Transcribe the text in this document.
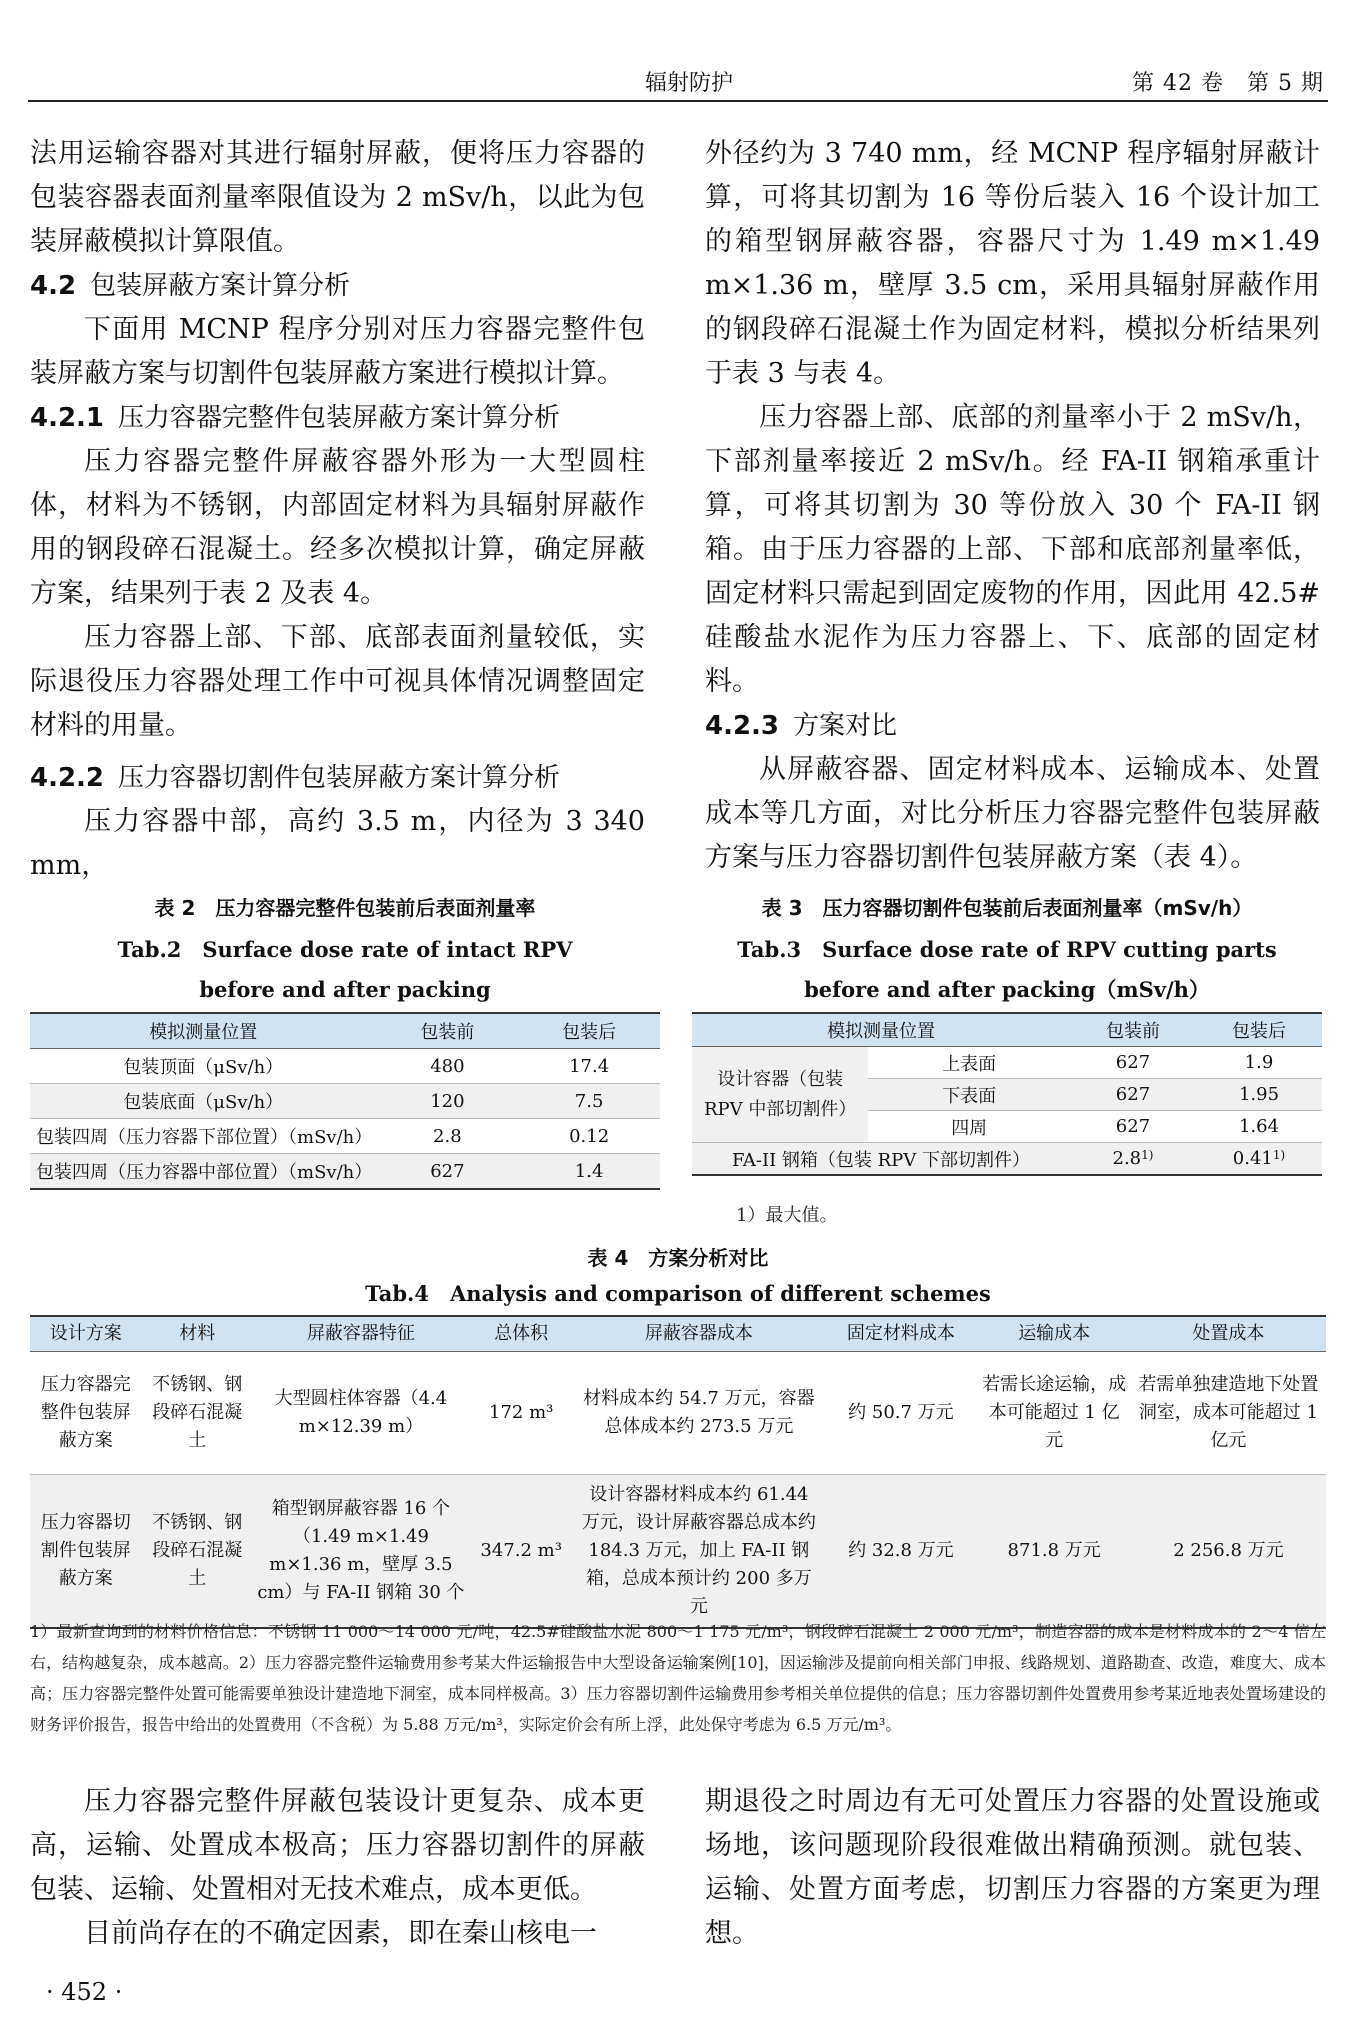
辐射防护	第 42 卷　第 5 期

法用运输容器对其进行辐射屏蔽，便将压力容器的包装容器表面剂量率限值设为 2 mSv/h，以此为包装屏蔽模拟计算限值。

4.2 包装屏蔽方案计算分析

下面用 MCNP 程序分别对压力容器完整件包装屏蔽方案与切割件包装屏蔽方案进行模拟计算。

4.2.1 压力容器完整件包装屏蔽方案计算分析

压力容器完整件屏蔽容器外形为一大型圆柱体，材料为不锈钢，内部固定材料为具辐射屏蔽作用的钢段碎石混凝土。经多次模拟计算，确定屏蔽方案，结果列于表 2 及表 4。

压力容器上部、下部、底部表面剂量较低，实际退役压力容器处理工作中可视具体情况调整固定材料的用量。

4.2.2 压力容器切割件包装屏蔽方案计算分析

压力容器中部，高约 3.5 m，内径为 3 340 mm，

外径约为 3 740 mm，经 MCNP 程序辐射屏蔽计算，可将其切割为 16 等份后装入 16 个设计加工的箱型钢屏蔽容器，容器尺寸为 1.49 m×1.49 m×1.36 m，壁厚 3.5 cm，采用具辐射屏蔽作用的钢段碎石混凝土作为固定材料，模拟分析结果列于表 3 与表 4。

压力容器上部、底部的剂量率小于 2 mSv/h，下部剂量率接近 2 mSv/h。经 FA-II 钢箱承重计算，可将其切割为 30 等份放入 30 个 FA-II 钢箱。由于压力容器的上部、下部和底部剂量率低，固定材料只需起到固定废物的作用，因此用 42.5#硅酸盐水泥作为压力容器上、下、底部的固定材料。

4.2.3 方案对比

从屏蔽容器、固定材料成本、运输成本、处置成本等几方面，对比分析压力容器完整件包装屏蔽方案与压力容器切割件包装屏蔽方案（表 4）。

表 2　压力容器完整件包装前后表面剂量率
Tab.2　Surface dose rate of intact RPV
before and after packing
模拟测量位置	包装前	包装后
包装顶面（μSv/h）	480	17.4
包装底面（μSv/h）	120	7.5
包装四周（压力容器下部位置）（mSv/h）	2.8	0.12
包装四周（压力容器中部位置）（mSv/h）	627	1.4
表 3　压力容器切割件包装前后表面剂量率（mSv/h）
Tab.3　Surface dose rate of RPV cutting parts
before and after packing（mSv/h）
模拟测量位置		包装前	包装后
设计容器（包装 RPV 中部切割件）	上表面	627	1.9
	下表面	627	1.95
	四周	627	1.64
FA-II 钢箱（包装 RPV 下部切割件）		2.8$^{1)}$	0.41$^{1)}$
1）最大值。
表 4　方案分析对比
Tab.4　Analysis and comparison of different schemes
设计方案	材料	屏蔽容器特征	总体积	屏蔽容器成本	固定材料成本	运输成本	处置成本
压力容器完整件包装屏蔽方案	不锈钢、钢段碎石混凝土	大型圆柱体容器（4.4 m×12.39 m）	172 m³	材料成本约 54.7 万元，容器总体成本约 273.5 万元	约 50.7 万元	若需长途运输，成本可能超过 1 亿元	若需单独建造地下处置洞室，成本可能超过 1 亿元
压力容器切割件包装屏蔽方案	不锈钢、钢段碎石混凝土	箱型钢屏蔽容器 16 个（1.49 m×1.49 m×1.36 m，壁厚 3.5 cm）与 FA-II 钢箱 30 个	347.2 m³	设计容器材料成本约 61.44 万元，设计屏蔽容器总成本约 184.3 万元，加上 FA-II 钢箱，总成本预计约 200 多万元	约 32.8 万元	871.8 万元	2 256.8 万元
1）最新查询到的材料价格信息：不锈钢 11 000～14 000 元/吨，42.5#硅酸盐水泥 800～1 175 元/m³，钢段碎石混凝土 2 000 元/m³，制造容器的成本是材料成本的 2～4 倍左右，结构越复杂，成本越高。2）压力容器完整件运输费用参考某大件运输报告中大型设备运输案例[10]，因运输涉及提前向相关部门申报、线路规划、道路勘查、改造，难度大、成本高；压力容器完整件处置可能需要单独设计建造地下洞室，成本同样极高。3）压力容器切割件运输费用参考相关单位提供的信息；压力容器切割件处置费用参考某近地表处置场建设的财务评价报告，报告中给出的处置费用（不含税）为 5.88 万元/m³，实际定价会有所上浮，此处保守考虑为 6.5 万元/m³。

压力容器完整件屏蔽包装设计更复杂、成本更高，运输、处置成本极高；压力容器切割件的屏蔽包装、运输、处置相对无技术难点，成本更低。

目前尚存在的不确定因素，即在秦山核电一

期退役之时周边有无可处置压力容器的处置设施或场地，该问题现阶段很难做出精确预测。就包装、运输、处置方面考虑，切割压力容器的方案更为理想。

· 452 ·
